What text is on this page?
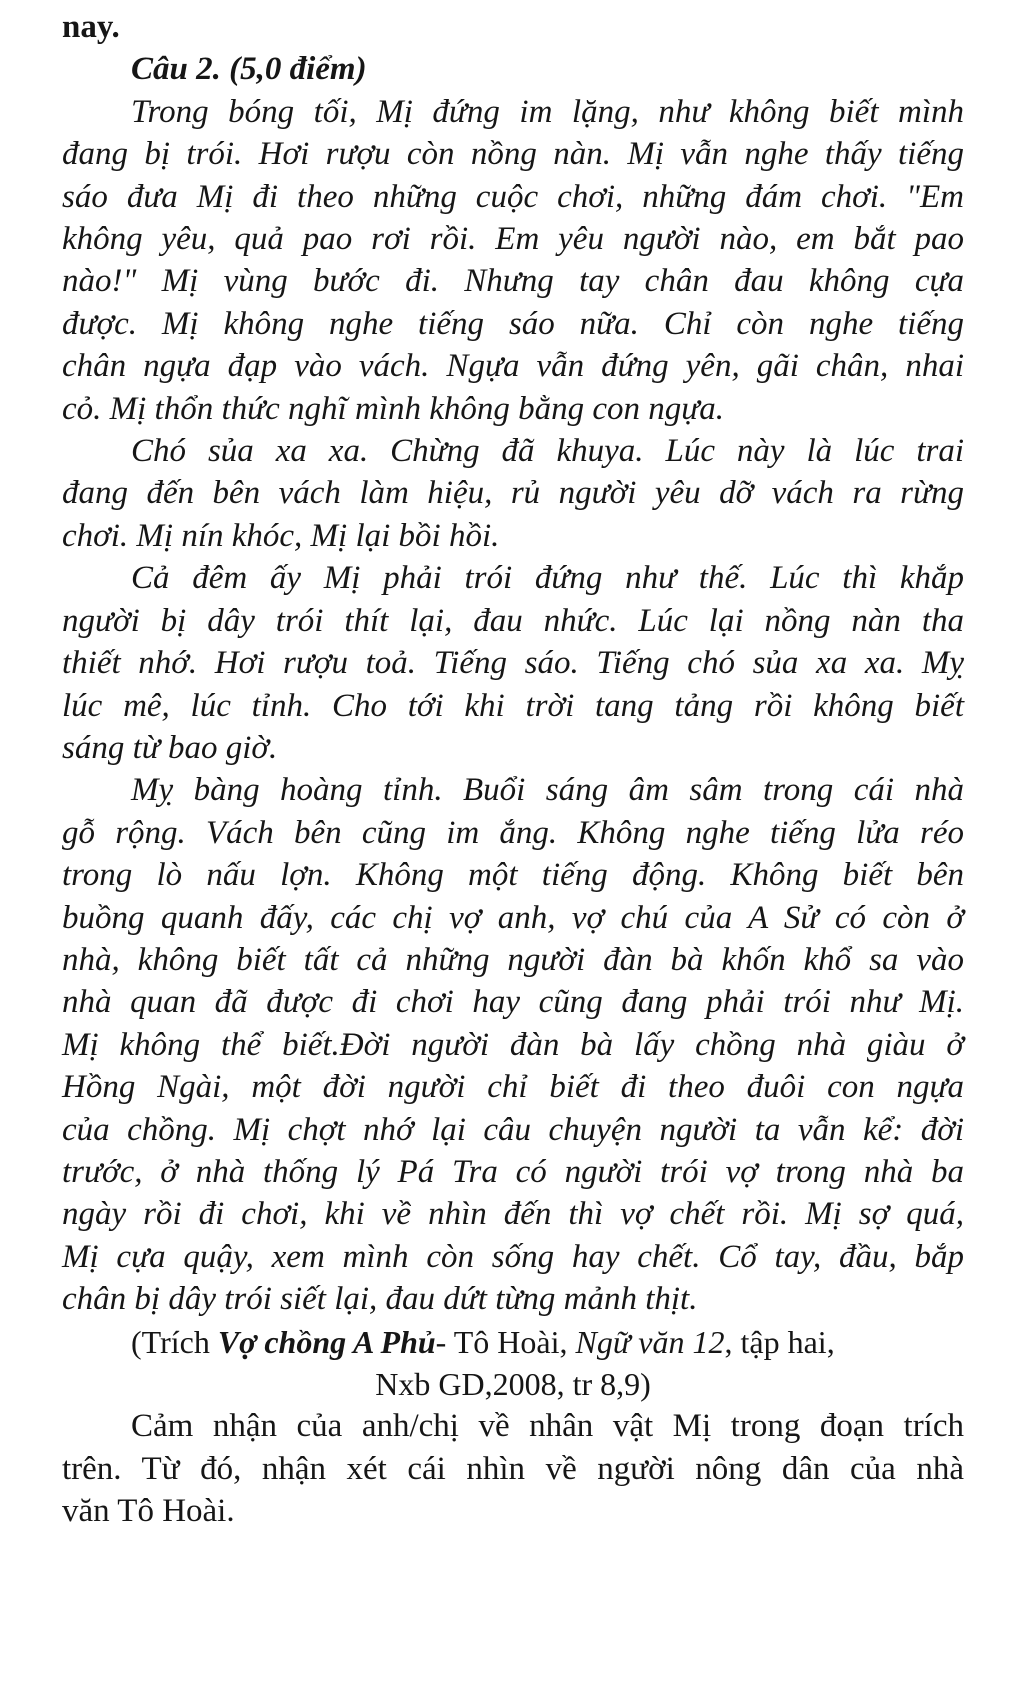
nay.
Câu 2. (5,0 điểm)
Trong bóng tối, Mị đứng im lặng, như không biết mình
đang bị trói. Hơi rượu còn nồng nàn. Mị vẫn nghe thấy tiếng
sáo đưa Mị đi theo những cuộc chơi, những đám chơi. "Em
không yêu, quả pao rơi rồi. Em yêu người nào, em bắt pao
nào!" Mị vùng bước đi. Nhưng tay chân đau không cựa
được. Mị không nghe tiếng sáo nữa. Chỉ còn nghe tiếng
chân ngựa đạp vào vách. Ngựa vẫn đứng yên, gãi chân, nhai
cỏ. Mị thổn thức nghĩ mình không bằng con ngựa.
Chó sủa xa xa. Chừng đã khuya. Lúc này là lúc trai
đang đến bên vách làm hiệu, rủ người yêu dỡ vách ra rừng
chơi. Mị nín khóc, Mị lại bồi hồi.
Cả đêm ấy Mị phải trói đứng như thế. Lúc thì khắp
người bị dây trói thít lại, đau nhức. Lúc lại nồng nàn tha
thiết nhớ. Hơi rượu toả. Tiếng sáo. Tiếng chó sủa xa xa. Mỵ
lúc mê, lúc tỉnh. Cho tới khi trời tang tảng rồi không biết
sáng từ bao giờ.
Mỵ bàng hoàng tỉnh. Buổi sáng âm sâm trong cái nhà
gỗ rộng. Vách bên cũng im ắng. Không nghe tiếng lửa réo
trong lò nấu lợn. Không một tiếng động. Không biết bên
buồng quanh đấy, các chị vợ anh, vợ chú của A Sử có còn ở
nhà, không biết tất cả những người đàn bà khốn khổ sa vào
nhà quan đã được đi chơi hay cũng đang phải trói như Mị.
Mị không thể biết.Đời người đàn bà lấy chồng nhà giàu ở
Hồng Ngài, một đời người chỉ biết đi theo đuôi con ngựa
của chồng. Mị chợt nhớ lại câu chuyện người ta vẫn kể: đời
trước, ở nhà thống lý Pá Tra có người trói vợ trong nhà ba
ngày rồi đi chơi, khi về nhìn đến thì vợ chết rồi. Mị sợ quá,
Mị cựa quậy, xem mình còn sống hay chết. Cổ tay, đầu, bắp
chân bị dây trói siết lại, đau dứt từng mảnh thịt.
(Trích Vợ chồng A Phủ- Tô Hoài, Ngữ văn 12, tập hai,
Nxb GD,2008, tr 8,9)
Cảm nhận của anh/chị về nhân vật Mị trong đoạn trích
trên. Từ đó, nhận xét cái nhìn về người nông dân của nhà
văn Tô Hoài.
